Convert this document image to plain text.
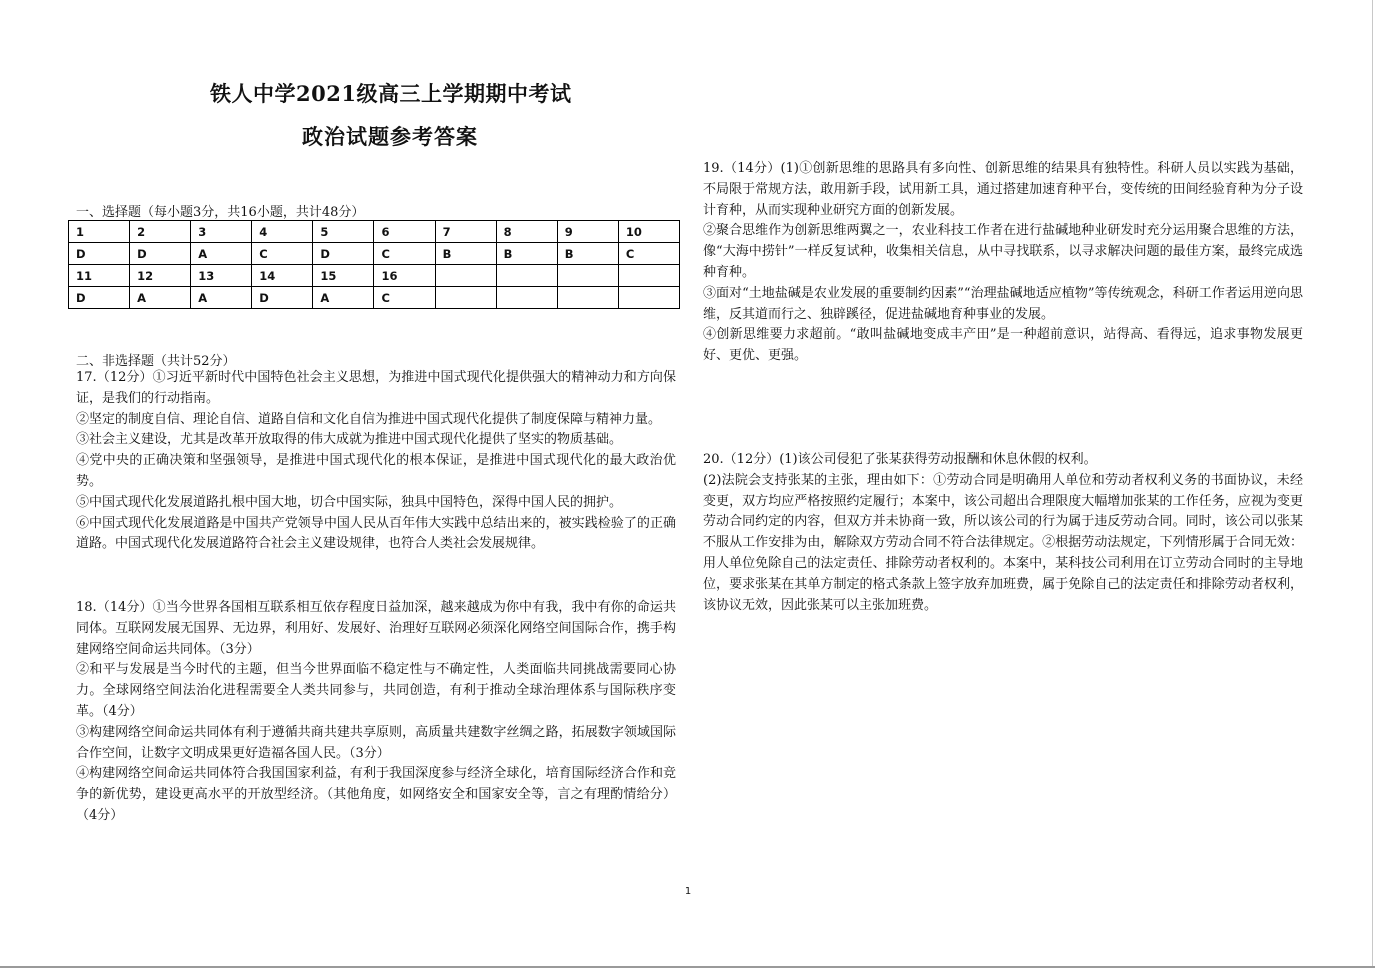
铁人中学2021级高三上学期期中考试
政治试题参考答案
一、选择题（每小题3分，共16小题，共计48分）
1	2	3	4	5	6	7	8	9	10
D	D	A	C	D	C	B	B	B	C
11	12	13	14	15	16				
D	A	A	D	A	C				
二、非选择题（共计52分）

17.（12分）①习近平新时代中国特色社会主义思想，为推进中国式现代化提供强大的精神动力和方向保证，是我们的行动指南。

②坚定的制度自信、理论自信、道路自信和文化自信为推进中国式现代化提供了制度保障与精神力量。

③社会主义建设，尤其是改革开放取得的伟大成就为推进中国式现代化提供了坚实的物质基础。

④党中央的正确决策和坚强领导，是推进中国式现代化的根本保证，是推进中国式现代化的最大政治优势。

⑤中国式现代化发展道路扎根中国大地，切合中国实际，独具中国特色，深得中国人民的拥护。

⑥中国式现代化发展道路是中国共产党领导中国人民从百年伟大实践中总结出来的，被实践检验了的正确道路。中国式现代化发展道路符合社会主义建设规律，也符合人类社会发展规律。

18.（14分）①当今世界各国相互联系相互依存程度日益加深，越来越成为你中有我，我中有你的命运共同体。互联网发展无国界、无边界，利用好、发展好、治理好互联网必须深化网络空间国际合作，携手构建网络空间命运共同体。（3分）

②和平与发展是当今时代的主题，但当今世界面临不稳定性与不确定性，人类面临共同挑战需要同心协力。全球网络空间法治化进程需要全人类共同参与，共同创造，有利于推动全球治理体系与国际秩序变革。（4分）

③构建网络空间命运共同体有利于遵循共商共建共享原则，高质量共建数字丝绸之路，拓展数字领域国际合作空间，让数字文明成果更好造福各国人民。（3分）

④构建网络空间命运共同体符合我国国家利益，有利于我国深度参与经济全球化，培育国际经济合作和竞争的新优势，建设更高水平的开放型经济。（其他角度，如网络安全和国家安全等，言之有理酌情给分）（4分）

19.（14分）(1)①创新思维的思路具有多向性、创新思维的结果具有独特性。科研人员以实践为基础，不局限于常规方法，敢用新手段，试用新工具，通过搭建加速育种平台，变传统的田间经验育种为分子设计育种，从而实现种业研究方面的创新发展。

②聚合思维作为创新思维两翼之一，农业科技工作者在进行盐碱地种业研发时充分运用聚合思维的方法，像“大海中捞针”一样反复试种，收集相关信息，从中寻找联系，以寻求解决问题的最佳方案，最终完成选种育种。

③面对“土地盐碱是农业发展的重要制约因素”“治理盐碱地适应植物”等传统观念，科研工作者运用逆向思维，反其道而行之、独辟蹊径，促进盐碱地育种事业的发展。

④创新思维要力求超前。“敢叫盐碱地变成丰产田”是一种超前意识，站得高、看得远，追求事物发展更好、更优、更强。

20.（12分）(1)该公司侵犯了张某获得劳动报酬和休息休假的权利。

(2)法院会支持张某的主张，理由如下：①劳动合同是明确用人单位和劳动者权利义务的书面协议，未经变更，双方均应严格按照约定履行；本案中，该公司超出合理限度大幅增加张某的工作任务，应视为变更劳动合同约定的内容，但双方并未协商一致，所以该公司的行为属于违反劳动合同。同时，该公司以张某不服从工作安排为由，解除双方劳动合同不符合法律规定。②根据劳动法规定，下列情形属于合同无效：用人单位免除自己的法定责任、排除劳动者权利的。本案中，某科技公司利用在订立劳动合同时的主导地位，要求张某在其单方制定的格式条款上签字放弃加班费，属于免除自己的法定责任和排除劳动者权利，该协议无效，因此张某可以主张加班费。

1
